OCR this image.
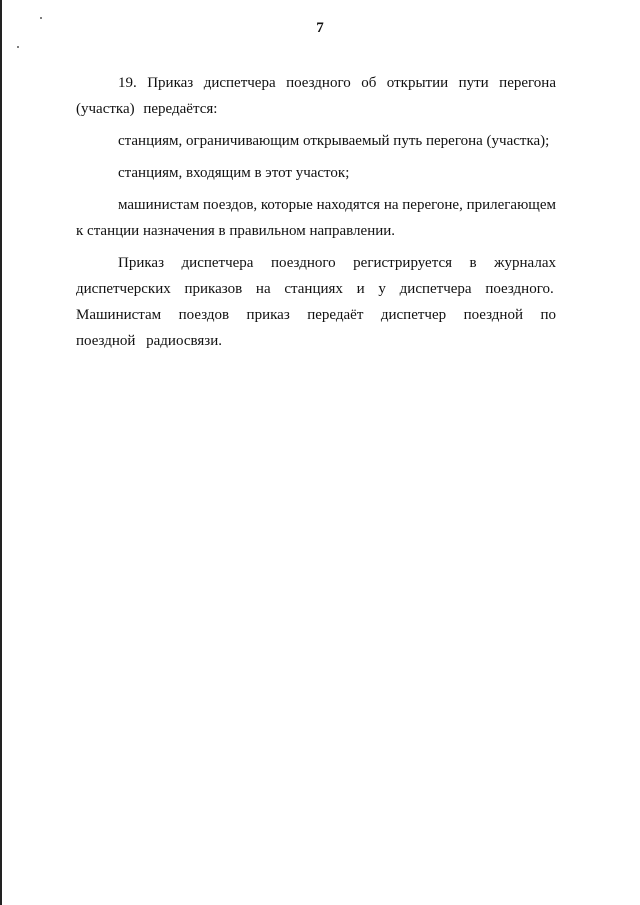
7

19. Приказ диспетчера поездного об открытии пути перегона (участка) передаётся:

станциям, ограничивающим открываемый путь перегона (участка);

станциям, входящим в этот участок;

машинистам поездов, которые находятся на перегоне, прилегающем к станции назначения в правильном направлении.

Приказ диспетчера поездного регистрируется в журналах диспетчерских приказов на станциях и у диспетчера поездного.

Машинистам поездов приказ передаёт диспетчер поездной по поездной радиосвязи.
